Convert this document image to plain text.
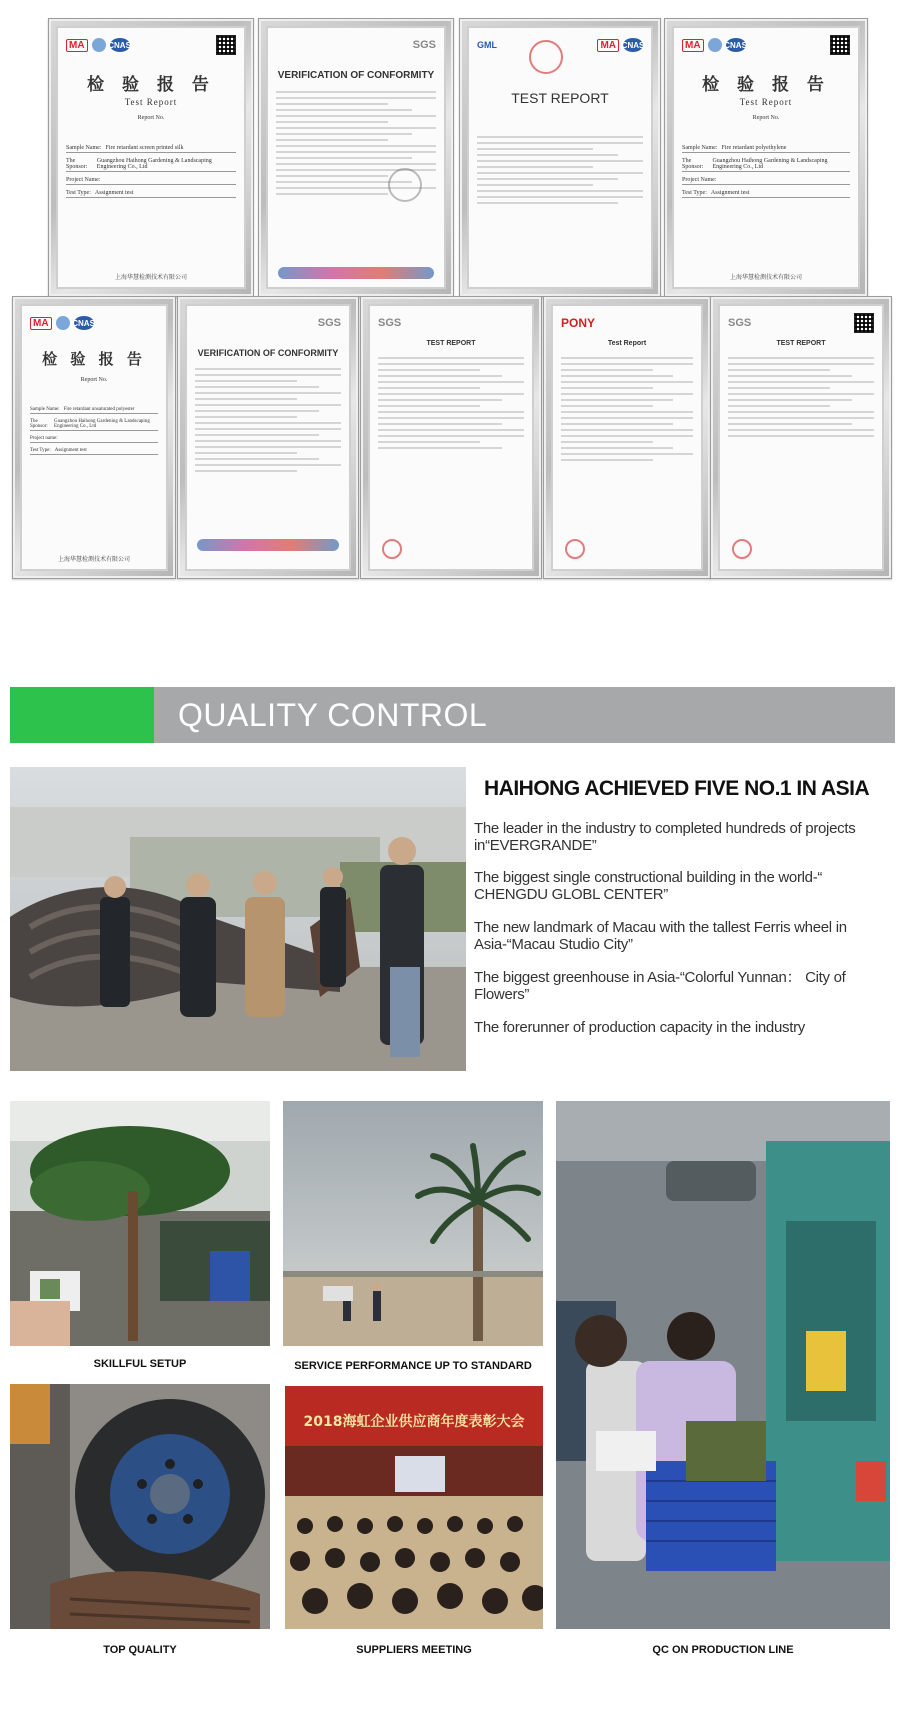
MA	CNAS
检 验 报 告
Test Report
Report No.
Sample Name: Fire retardant screen printed silk
The Sponsor:
Guangzhou Haihong Gardening & Landscaping Engineering Co., Ltd
Project Name:
Test Type: Assignment test
上海华慧检测技术有限公司
SGS
VERIFICATION OF CONFORMITY
GML	MA CNAS
TEST REPORT
MA	CNAS
检 验 报 告
Test Report
Report No.
Sample Name: Fire retardant polyethylene
The Sponsor:
Guangzhou Haihong Gardening & Landscaping Engineering Co., Ltd
Project Name:
Test Type: Assignment test
上海华慧检测技术有限公司
MA	CNAS
检 验 报 告
Report No.
Sample Name: Fire retardant unsaturated polyester
The Sponsor:
Guangzhou Haihong Gardening & Landscaping Engineering Co., Ltd
Project name:
Test Type: Assignment test
上海华慧检测技术有限公司
SGS
VERIFICATION OF CONFORMITY
SGS
TEST REPORT
PONY
Test Report
SGS
TEST REPORT
QUALITY CONTROL
HAIHONG ACHIEVED FIVE NO.1 IN ASIA
The leader in the industry to completed hundreds of projects in“EVERGRANDE”
The biggest single constructional building in the world-“ CHENGDU GLOBL CENTER”
The new landmark of Macau with the tallest Ferris wheel in Asia-“Macau Studio City”
The biggest greenhouse in Asia-“Colorful Yunnan： City of Flowers”
The forerunner of production capacity in the industry
SKILLFUL SETUP	SERVICE PERFORMANCE UP TO STANDARD
QC ON PRODUCTION LINE
TOP QUALITY
2018海虹企业供应商年度表彰大会
SUPPLIERS MEETING
